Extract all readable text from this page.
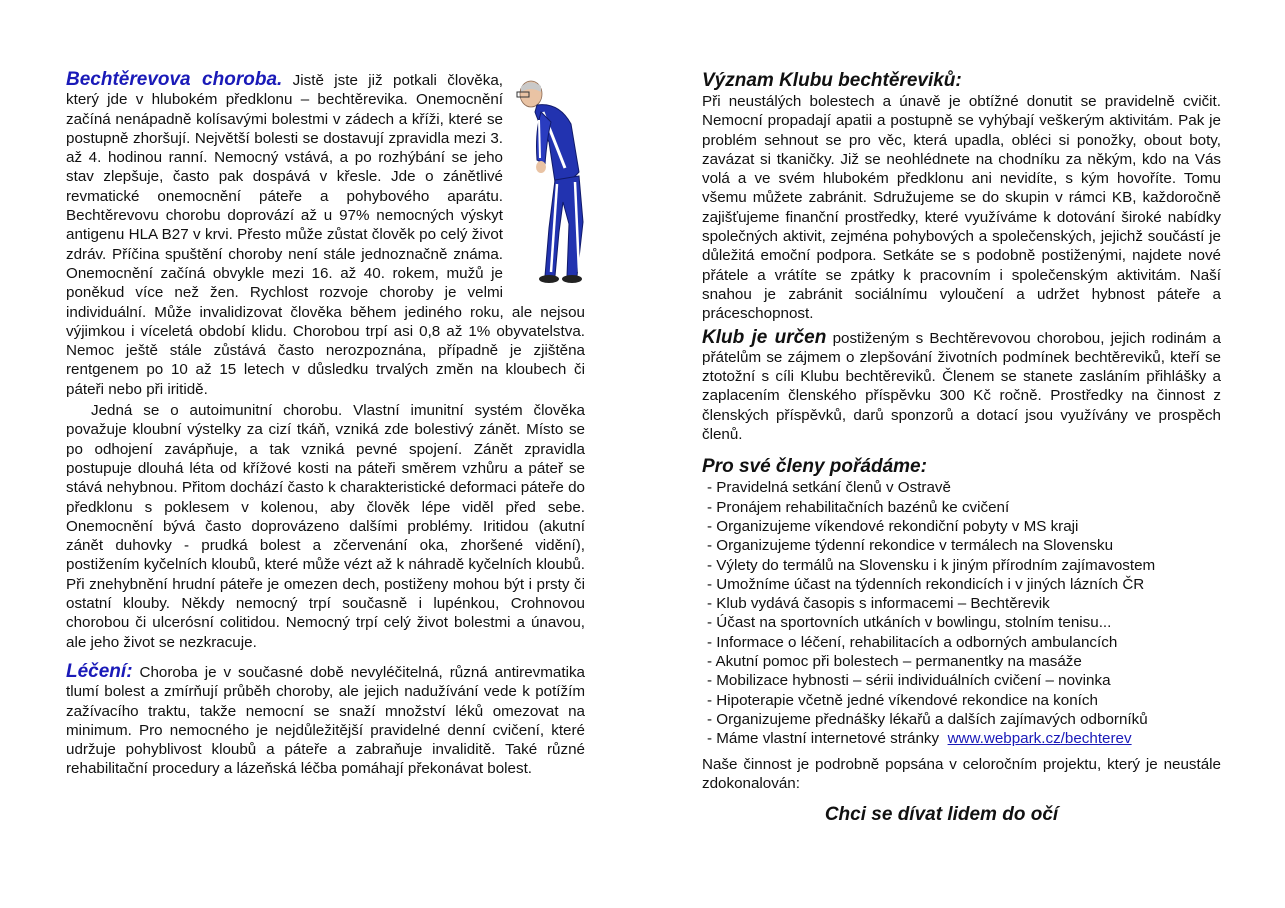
Bechtěrevova choroba. Jistě jste již potkali člověka, který jde v hlubokém předklonu – bechtěrevika. Onemocnění začíná nenápadně kolísavými bolestmi v zádech a kříži, které se postupně zhoršují. Největší bolesti se dostavují zpravidla mezi 3. až 4. hodinou ranní. Nemocný vstává, a po rozhýbání se jeho stav zlepšuje, často pak dospává v křesle. Jde o zánětlivé revmatické onemocnění páteře a pohybového aparátu. Bechtěrevovu chorobu doprovází až u 97% nemocných výskyt antigenu HLA B27 v krvi. Přesto může zůstat člověk po celý život zdráv. Příčina spuštění choroby není stále jednoznačně známa. Onemocnění začíná obvykle mezi 16. až 40. rokem, mužů je poněkud více než žen. Rychlost rozvoje choroby je velmi individuální. Může invalidizovat člověka během jediného roku, ale nejsou výjimkou i víceletá období klidu. Chorobou trpí asi 0,8 až 1% obyvatelstva. Nemoc ještě stále zůstává často nerozpoznána, případně je zjištěna rentgenem po 10 až 15 letech v důsledku trvalých změn na kloubech či páteři nebo při iritidě.

Jedná se o autoimunitní chorobu. Vlastní imunitní systém člověka považuje kloubní výstelky za cizí tkáň, vzniká zde bolestivý zánět. Místo se po odhojení zavápňuje, a tak vzniká pevné spojení. Zánět zpravidla postupuje dlouhá léta od křížové kosti na páteři směrem vzhůru a páteř se stává nehybnou. Přitom dochází často k charakteristické deformaci páteře do předklonu s poklesem v kolenou, aby člověk lépe viděl před sebe. Onemocnění bývá často doprovázeno dalšími problémy. Iritidou (akutní zánět duhovky - prudká bolest a zčervenání oka, zhoršené vidění), postižením kyčelních kloubů, které může vézt až k náhradě kyčelních kloubů. Při znehybnění hrudní páteře je omezen dech, postiženy mohou být i prsty či ostatní klouby. Někdy nemocný trpí současně i lupénkou, Crohnovou chorobou či ulcerósní colitidou. Nemocný trpí celý život bolestmi a únavou, ale jeho život se nezkracuje.

Léčení: Choroba je v současné době nevyléčitelná, různá antirevmatika tlumí bolest a zmírňují průběh choroby, ale jejich nadužívání vede k potížím zažívacího traktu, takže nemocní se snaží množství léků omezovat na minimum. Pro nemocného je nejdůležitější pravidelné denní cvičení, které udržuje pohyblivost kloubů a páteře a zabraňuje invaliditě. Také různé rehabilitační procedury a lázeňská léčba pomáhají překonávat bolest.

Význam Klubu bechtěreviků:

Při neustálých bolestech a únavě je obtížné donutit se pravidelně cvičit. Nemocní propadají apatii a postupně se vyhýbají veškerým aktivitám. Pak je problém sehnout se pro věc, která upadla, obléci si ponožky, obout boty, zavázat si tkaničky. Již se neohlédnete na chodníku za někým, kdo na Vás volá a ve svém hlubokém předklonu ani nevidíte, s kým hovoříte. Tomu všemu můžete zabránit. Sdružujeme se do skupin v rámci KB, každoročně zajišťujeme finanční prostředky, které využíváme k dotování široké nabídky společných aktivit, zejména pohybových a společenských, jejichž součástí je důležitá emoční podpora. Setkáte se s podobně postiženými, najdete nové přátele a vrátíte se zpátky k pracovním i společenským aktivitám. Naší snahou je zabránit sociálnímu vyloučení a udržet hybnost páteře a práceschopnost.

Klub je určen postiženým s Bechtěrevovou chorobou, jejich rodinám a přátelům se zájmem o zlepšování životních podmínek bechtěreviků, kteří se ztotožní s cíli Klubu bechtěreviků. Členem se stanete zasláním přihlášky a zaplacením členského příspěvku 300 Kč ročně. Prostředky na činnost z členských příspěvků, darů sponzorů a dotací jsou využívány ve prospěch členů.

Pro své členy pořádáme:
- Pravidelná setkání členů v Ostravě
- Pronájem rehabilitačních bazénů ke cvičení
- Organizujeme víkendové rekondiční pobyty v MS kraji
- Organizujeme týdenní rekondice v termálech na Slovensku
- Výlety do termálů na Slovensku i k jiným přírodním zajímavostem
- Umožníme účast na týdenních rekondicích i v jiných lázních ČR
- Klub vydává časopis s informacemi – Bechtěrevik
- Účast na sportovních utkáních v bowlingu, stolním tenisu...
- Informace o léčení, rehabilitacích a odborných ambulancích
- Akutní pomoc při bolestech – permanentky na masáže
- Mobilizace hybnosti – sérii individuálních cvičení – novinka
- Hipoterapie včetně jedné víkendové rekondice na koních
- Organizujeme přednášky lékařů a dalších zajímavých odborníků
- Máme vlastní internetové stránky www.webpark.cz/bechterev

Naše činnost je podrobně popsána v celoročním projektu, který je neustále zdokonalován:

Chci se dívat lidem do očí
